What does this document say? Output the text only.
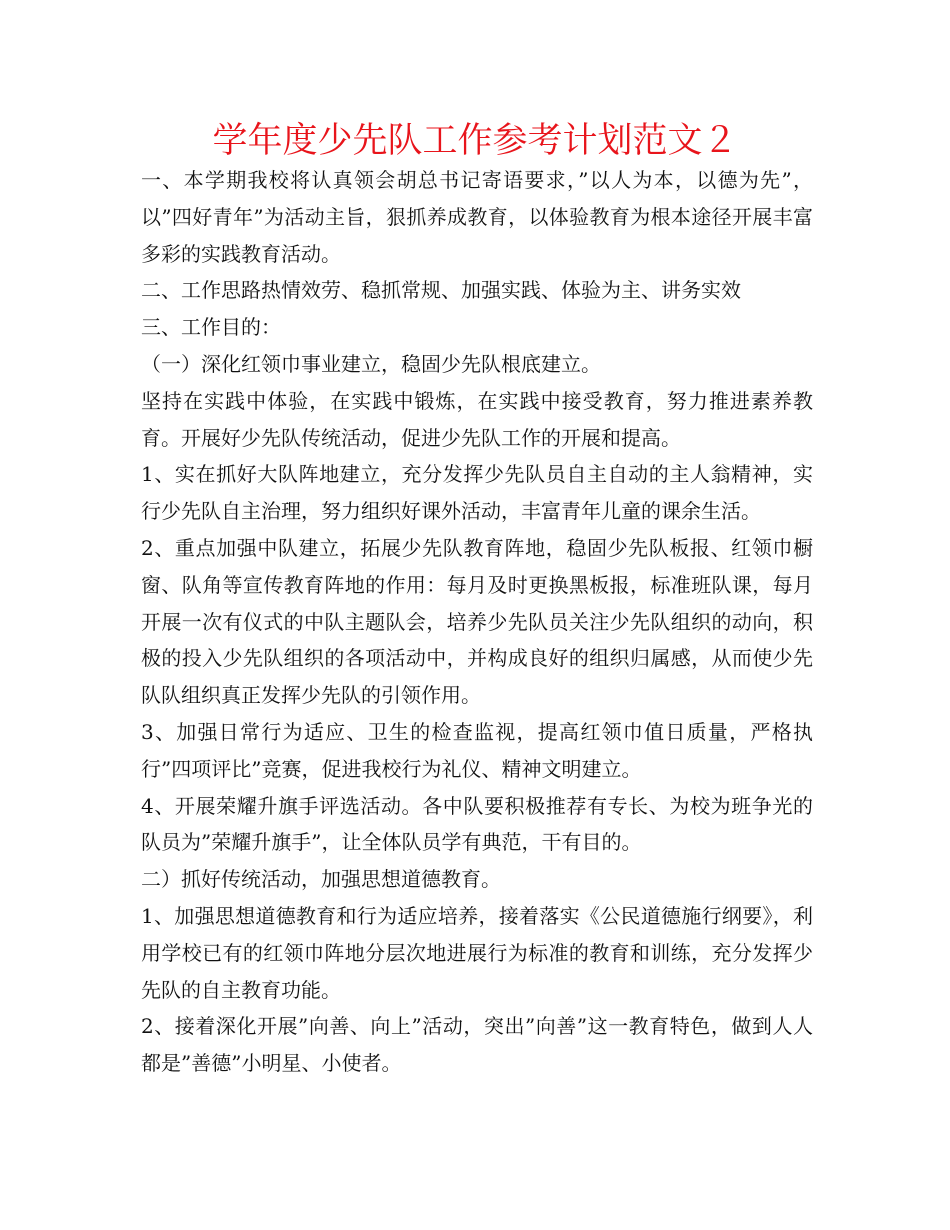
学年度少先队工作参考计划范文２

一、本学期我校将认真领会胡总书记寄语要求，”以人为本，以德为先”，以”四好青年”为活动主旨，狠抓养成教育，以体验教育为根本途径开展丰富多彩的实践教育活动。

二、工作思路热情效劳、稳抓常规、加强实践、体验为主、讲务实效

三、工作目的：

（一）深化红领巾事业建立，稳固少先队根底建立。

坚持在实践中体验，在实践中锻炼，在实践中接受教育，努力推进素养教育。开展好少先队传统活动，促进少先队工作的开展和提高。

1、实在抓好大队阵地建立，充分发挥少先队员自主自动的主人翁精神，实行少先队自主治理，努力组织好课外活动，丰富青年儿童的课余生活。

2、重点加强中队建立，拓展少先队教育阵地，稳固少先队板报、红领巾橱窗、队角等宣传教育阵地的作用：每月及时更换黑板报，标准班队课，每月开展一次有仪式的中队主题队会，培养少先队员关注少先队组织的动向，积极的投入少先队组织的各项活动中，并构成良好的组织归属感，从而使少先队队组织真正发挥少先队的引领作用。

3、加强日常行为适应、卫生的检查监视，提高红领巾值日质量，严格执行”四项评比”竞赛，促进我校行为礼仪、精神文明建立。

4、开展荣耀升旗手评选活动。各中队要积极推荐有专长、为校为班争光的队员为”荣耀升旗手”，让全体队员学有典范，干有目的。

二）抓好传统活动，加强思想道德教育。

1、加强思想道德教育和行为适应培养，接着落实《公民道德施行纲要》，利用学校已有的红领巾阵地分层次地进展行为标准的教育和训练，充分发挥少先队的自主教育功能。

2、接着深化开展”向善、向上”活动，突出”向善”这一教育特色，做到人人都是”善德”小明星、小使者。
